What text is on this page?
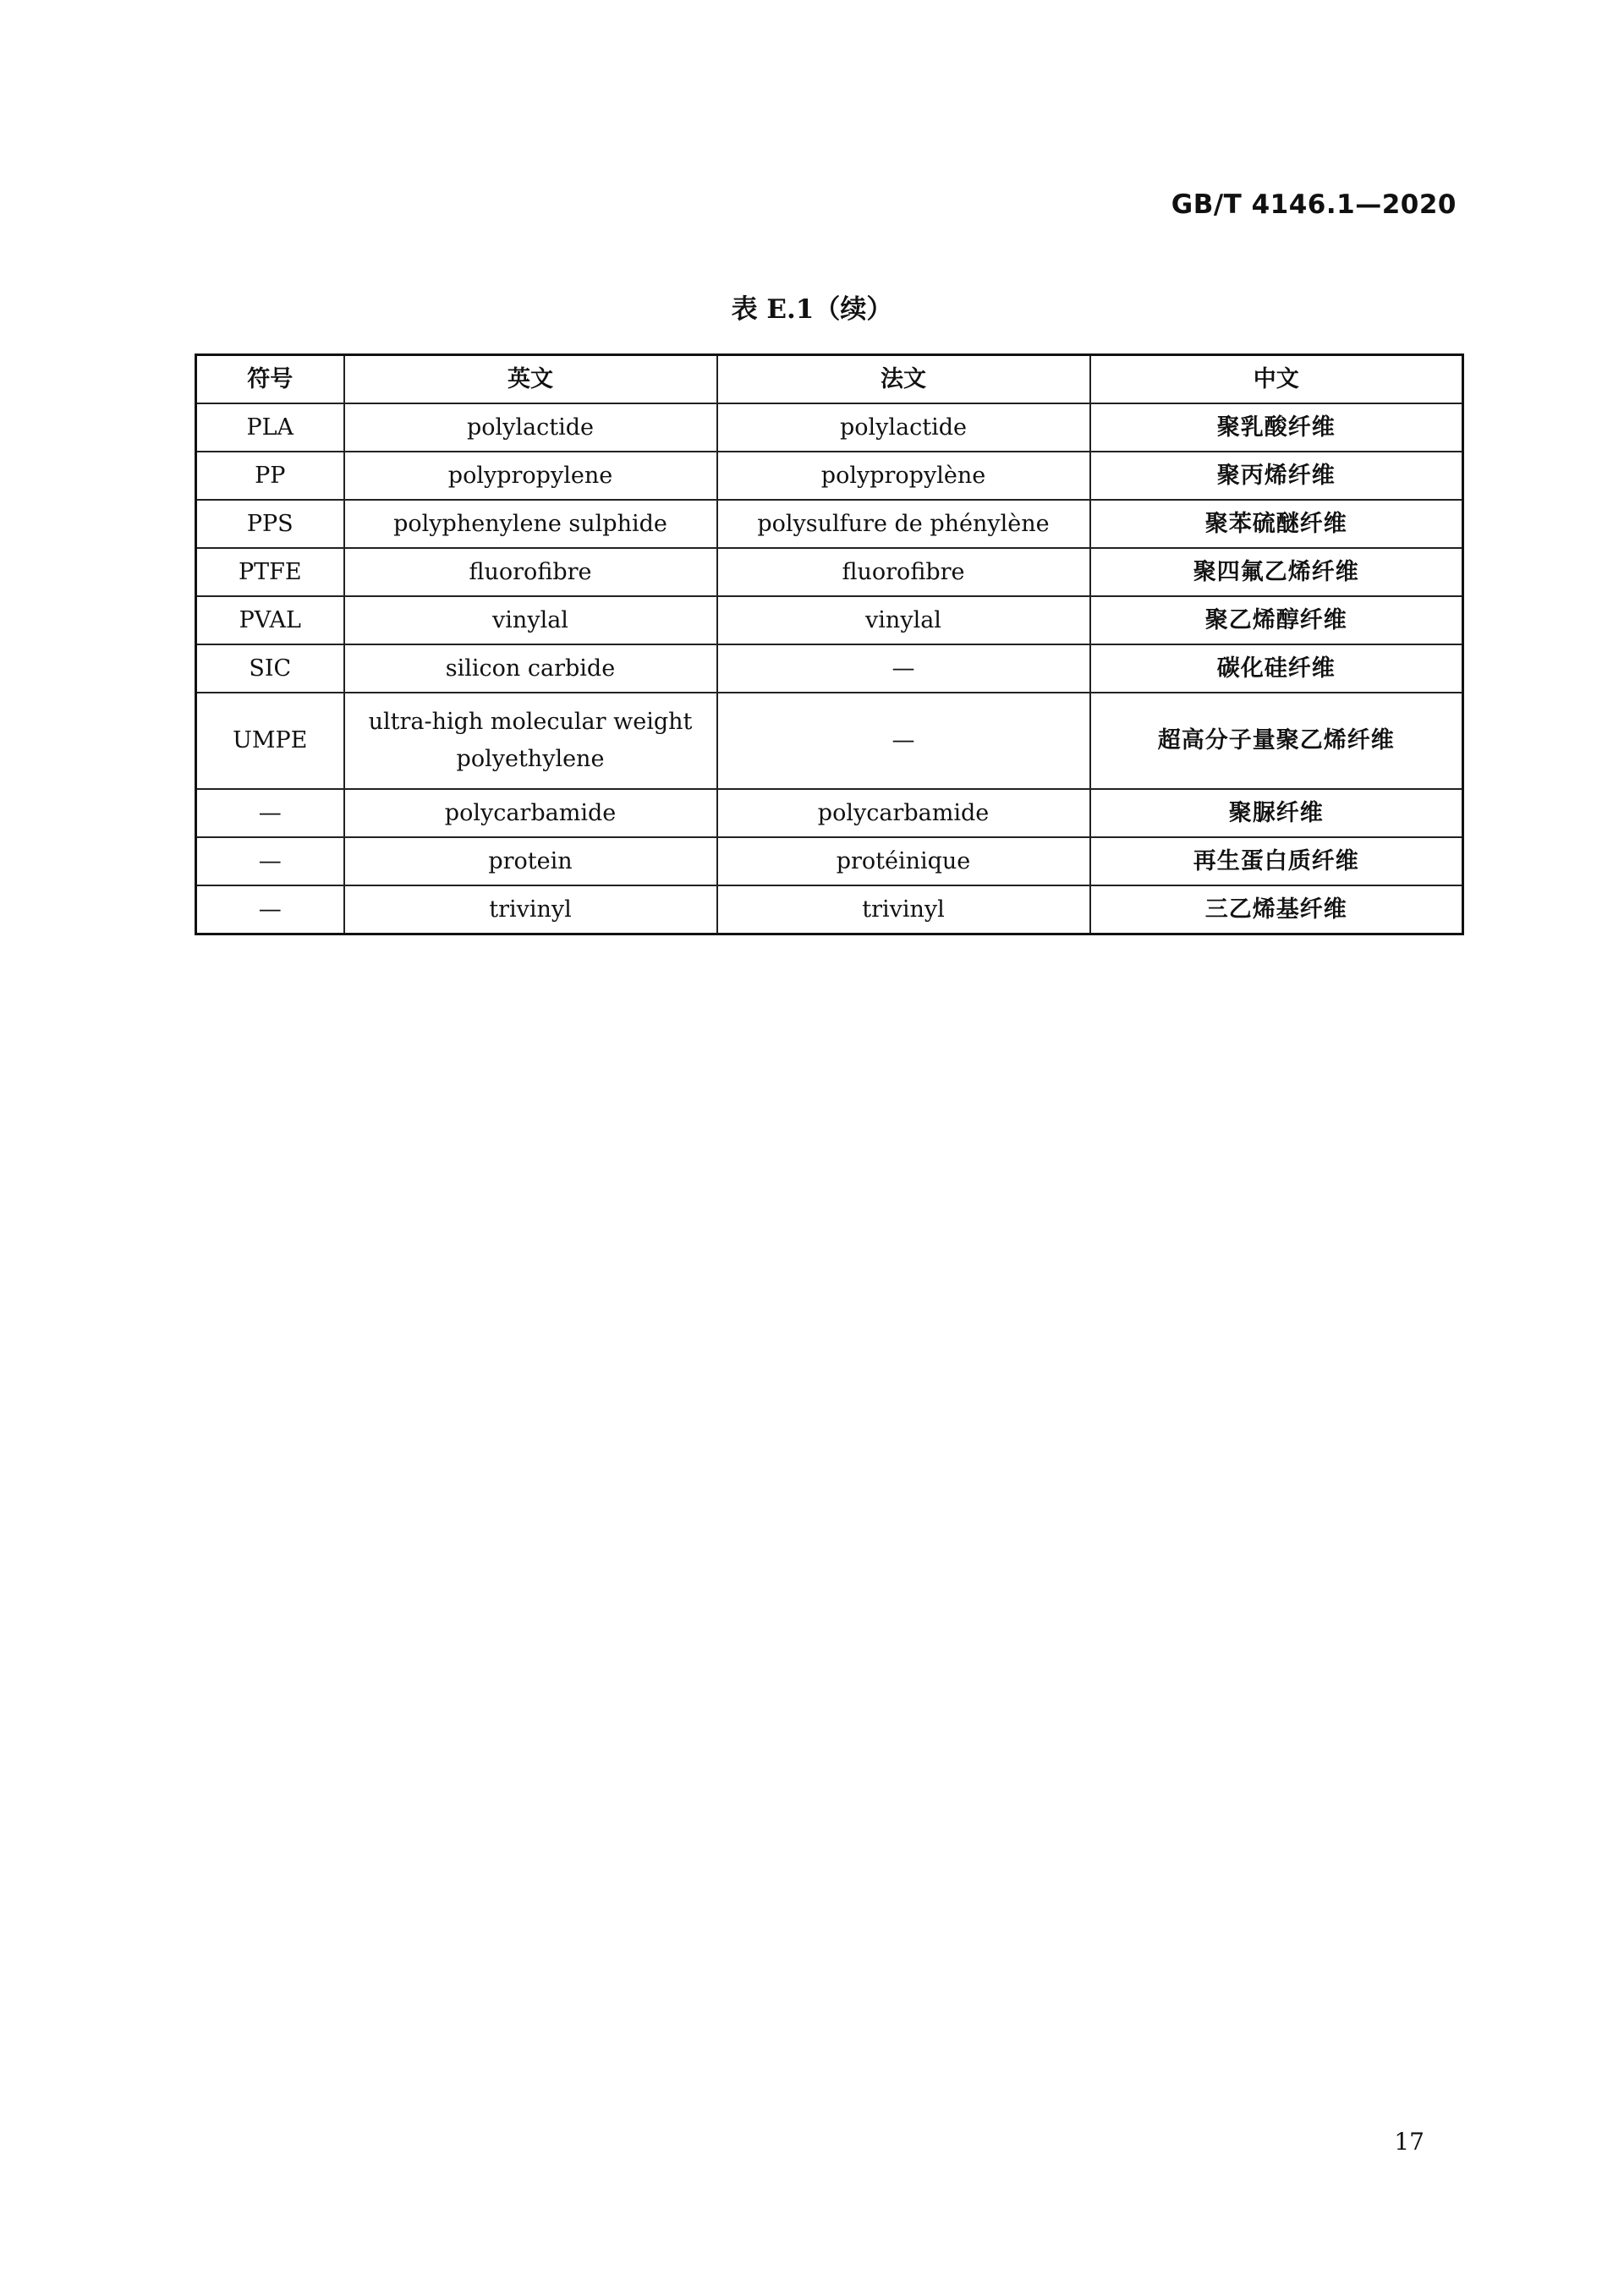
GB/T 4146.1—2020
表 E.1（续）
符号	英文	法文	中文
PLA	polylactide	polylactide	聚乳酸纤维
PP	polypropylene	polypropylène	聚丙烯纤维
PPS	polyphenylene sulphide	polysulfure de phénylène	聚苯硫醚纤维
PTFE	fluorofibre	fluorofibre	聚四氟乙烯纤维
PVAL	vinylal	vinylal	聚乙烯醇纤维
SIC	silicon carbide	—	碳化硅纤维
UMPE	ultra-high molecular weight polyethylene	—	超高分子量聚乙烯纤维
—	polycarbamide	polycarbamide	聚脲纤维
—	protein	protéinique	再生蛋白质纤维
—	trivinyl	trivinyl	三乙烯基纤维
17
